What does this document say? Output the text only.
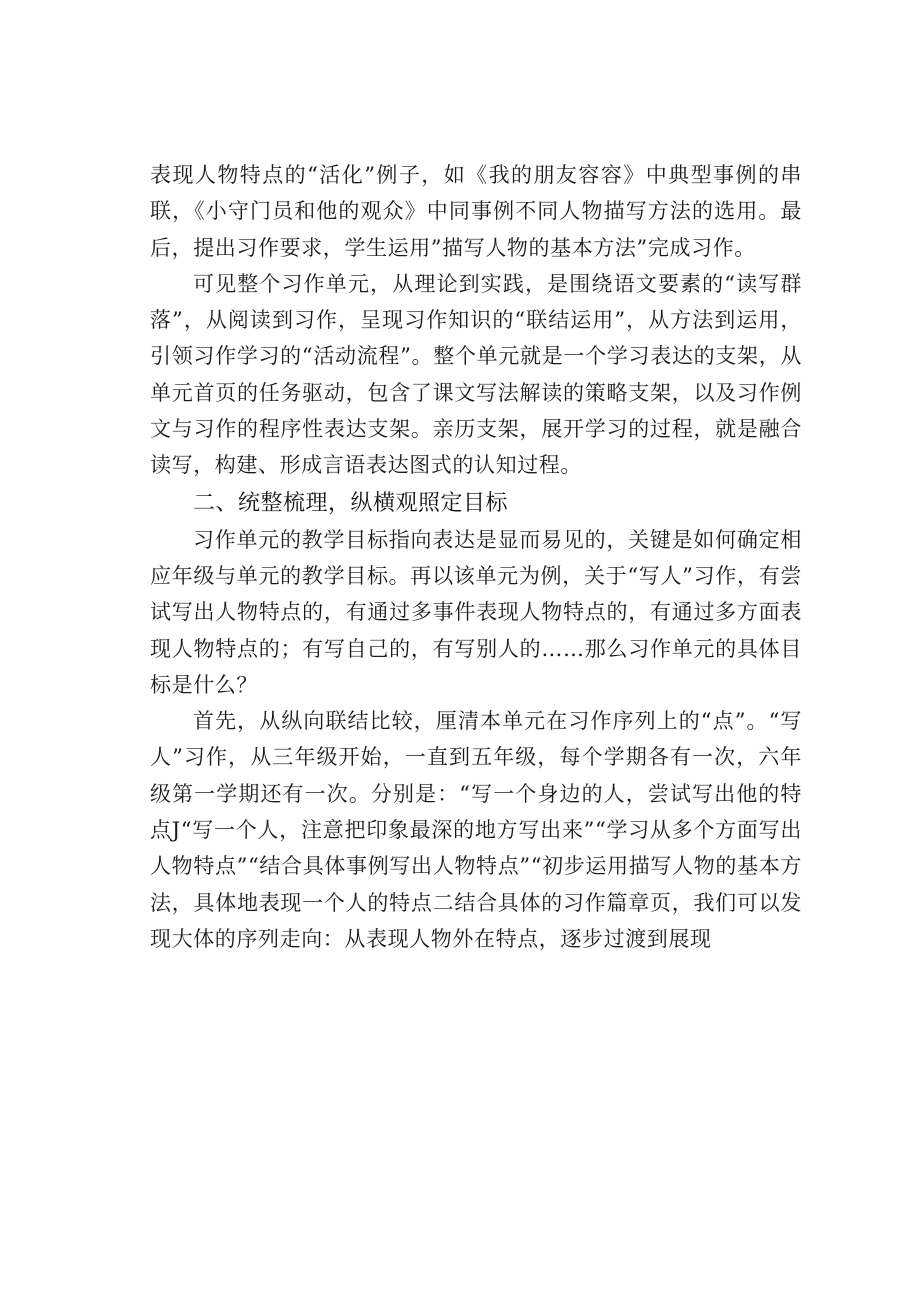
表现人物特点的“活化”例子，如《我的朋友容容》中典型事例的串联，《小守门员和他的观众》中同事例不同人物描写方法的选用。最后，提出习作要求，学生运用”描写人物的基本方法”完成习作。

可见整个习作单元，从理论到实践，是围绕语文要素的“读写群落”，从阅读到习作，呈现习作知识的“联结运用”，从方法到运用，引领习作学习的“活动流程”。整个单元就是一个学习表达的支架，从单元首页的任务驱动，包含了课文写法解读的策略支架，以及习作例文与习作的程序性表达支架。亲历支架，展开学习的过程，就是融合读写，构建、形成言语表达图式的认知过程。

二、统整梳理，纵横观照定目标

习作单元的教学目标指向表达是显而易见的，关键是如何确定相应年级与单元的教学目标。再以该单元为例，关于“写人”习作，有尝试写出人物特点的，有通过多事件表现人物特点的，有通过多方面表现人物特点的；有写自己的，有写别人的……那么习作单元的具体目标是什么？

首先，从纵向联结比较，厘清本单元在习作序列上的“点”。“写人”习作，从三年级开始，一直到五年级，每个学期各有一次，六年级第一学期还有一次。分别是：“写一个身边的人，尝试写出他的特点J“写一个人，注意把印象最深的地方写出来”“学习从多个方面写出人物特点”“结合具体事例写出人物特点”“初步运用描写人物的基本方法，具体地表现一个人的特点二结合具体的习作篇章页，我们可以发现大体的序列走向：从表现人物外在特点，逐步过渡到展现
